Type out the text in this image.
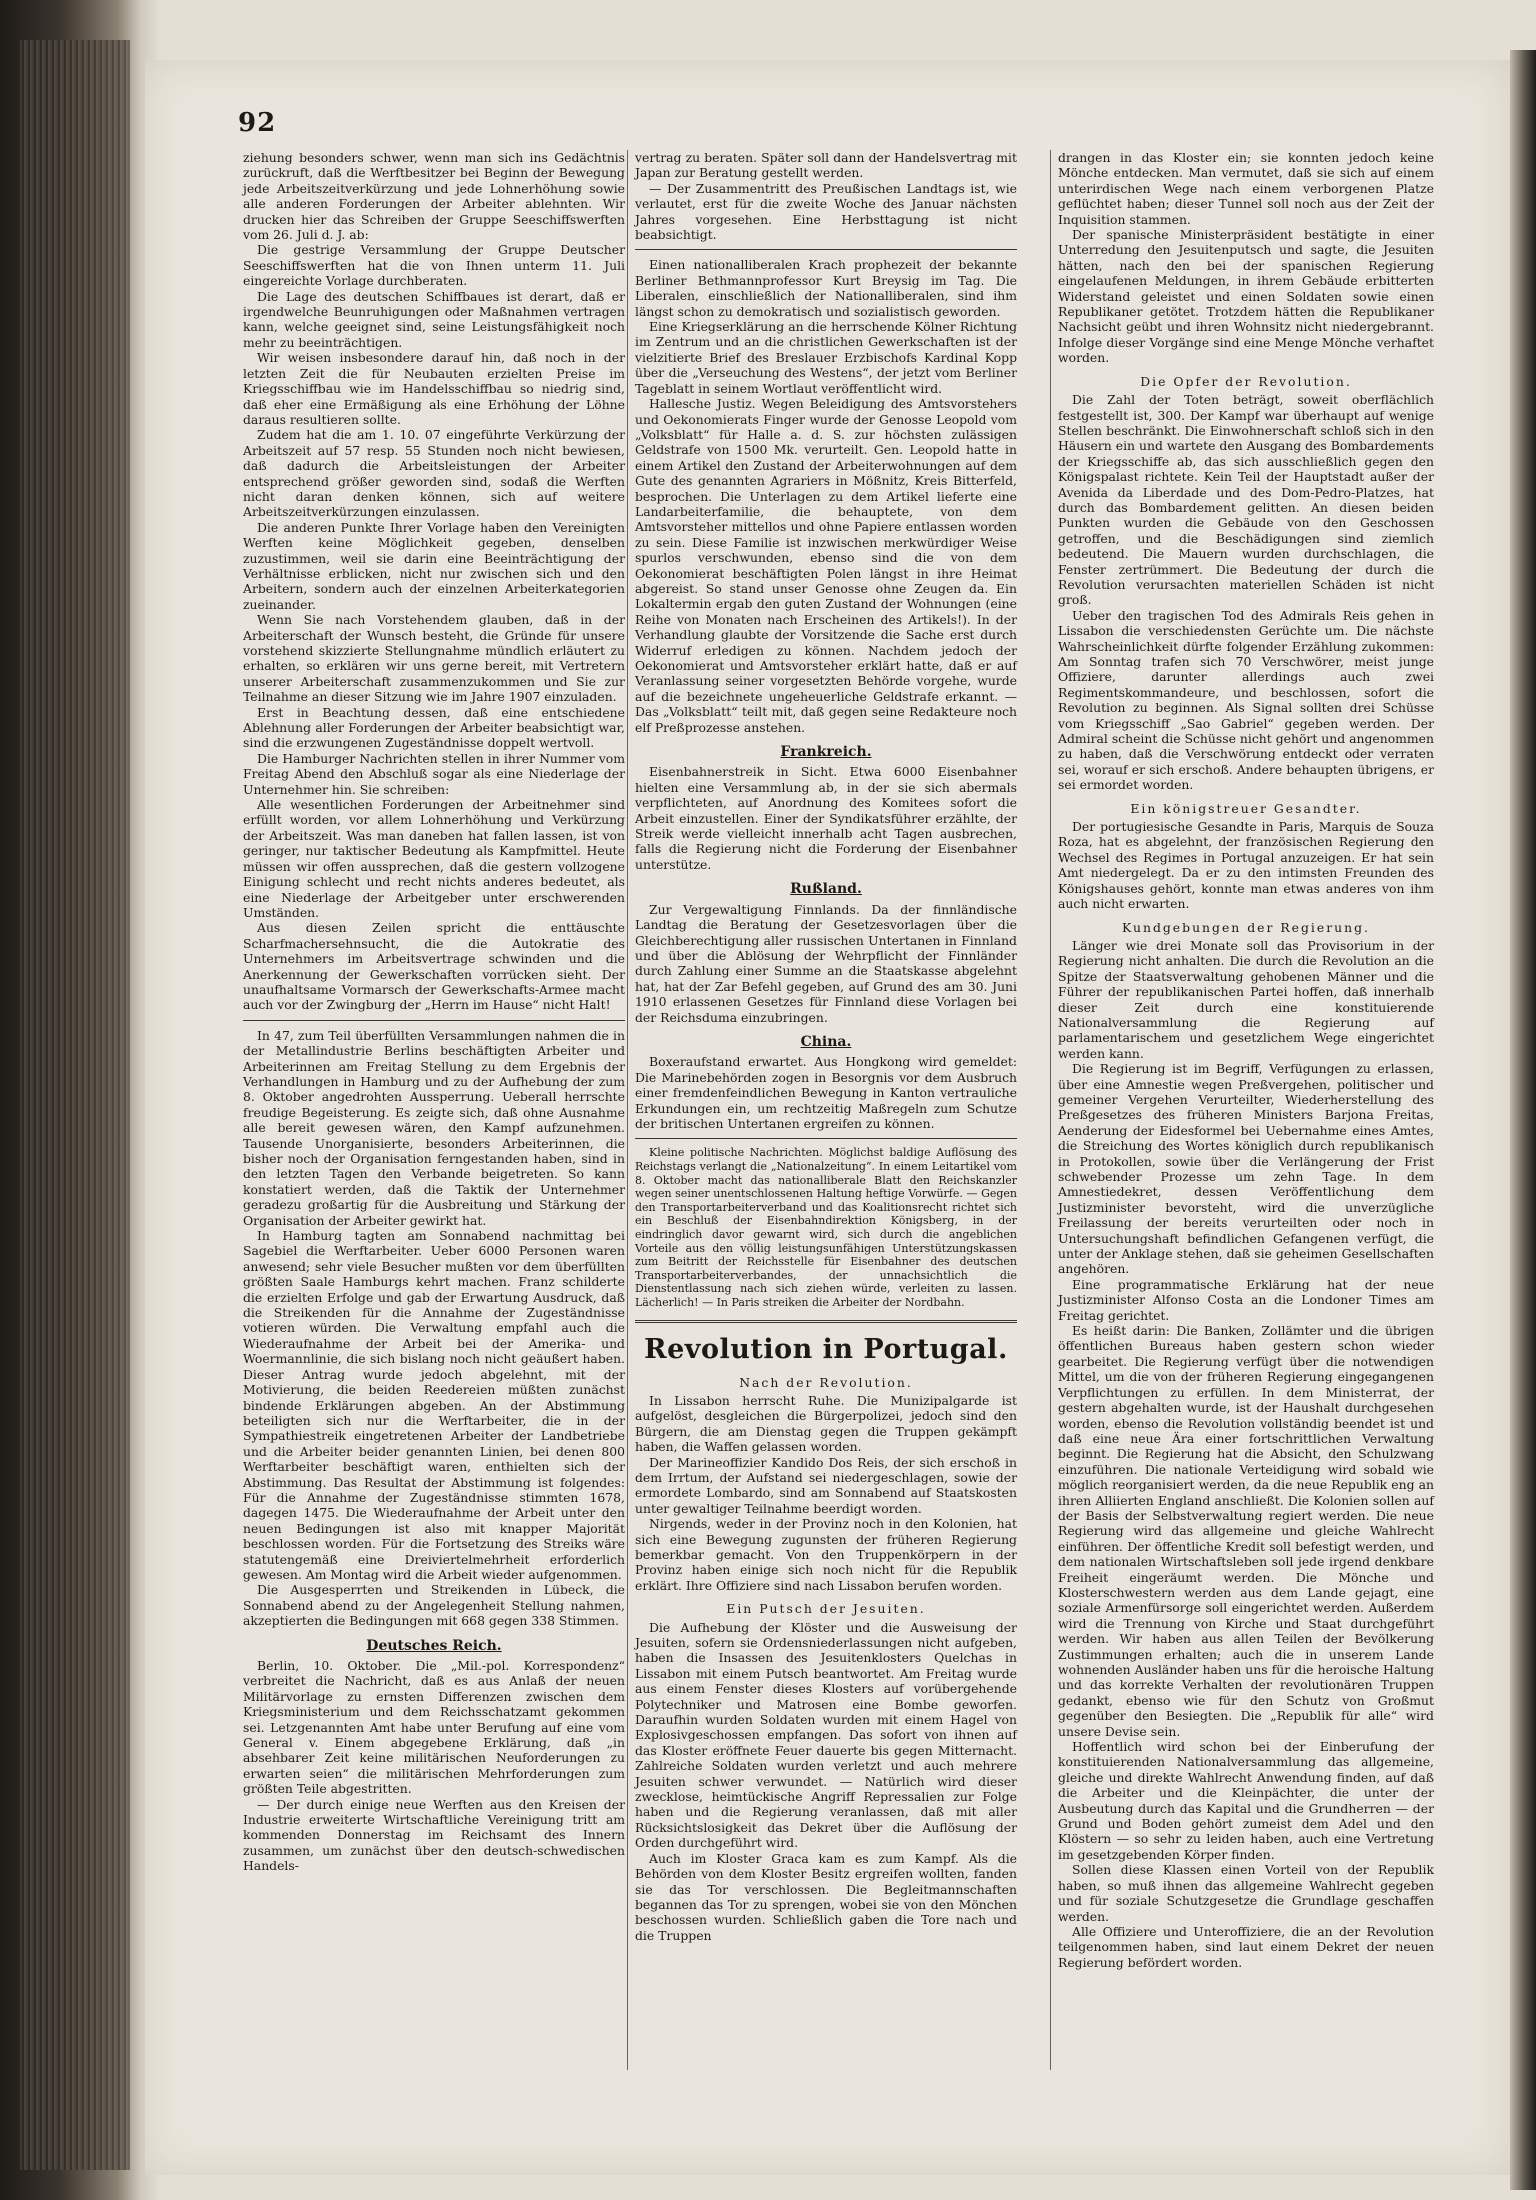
92

ziehung besonders schwer, wenn man sich ins Gedächtnis zurückruft, daß die Werftbesitzer bei Beginn der Bewegung jede Arbeitszeitverkürzung und jede Lohnerhöhung sowie alle anderen Forderungen der Arbeiter ablehnten. Wir drucken hier das Schreiben der Gruppe Seeschiffswerften vom 26. Juli d. J. ab:

Die gestrige Versammlung der Gruppe Deutscher Seeschiffswerften hat die von Ihnen unterm 11. Juli eingereichte Vorlage durchberaten.

Die Lage des deutschen Schiffbaues ist derart, daß er irgendwelche Beunruhigungen oder Maßnahmen vertragen kann, welche geeignet sind, seine Leistungsfähigkeit noch mehr zu beeinträchtigen.

Wir weisen insbesondere darauf hin, daß noch in der letzten Zeit die für Neubauten erzielten Preise im Kriegsschiffbau wie im Handelsschiffbau so niedrig sind, daß eher eine Ermäßigung als eine Erhöhung der Löhne daraus resultieren sollte.

Zudem hat die am 1. 10. 07 eingeführte Verkürzung der Arbeitszeit auf 57 resp. 55 Stunden noch nicht bewiesen, daß dadurch die Arbeitsleistungen der Arbeiter entsprechend größer geworden sind, sodaß die Werften nicht daran denken können, sich auf weitere Arbeitszeitverkürzungen einzulassen.

Die anderen Punkte Ihrer Vorlage haben den Vereinigten Werften keine Möglichkeit gegeben, denselben zuzustimmen, weil sie darin eine Beeinträchtigung der Verhältnisse erblicken, nicht nur zwischen sich und den Arbeitern, sondern auch der einzelnen Arbeiterkategorien zueinander.

Wenn Sie nach Vorstehendem glauben, daß in der Arbeiterschaft der Wunsch besteht, die Gründe für unsere vorstehend skizzierte Stellungnahme mündlich erläutert zu erhalten, so erklären wir uns gerne bereit, mit Vertretern unserer Arbeiterschaft zusammenzukommen und Sie zur Teilnahme an dieser Sitzung wie im Jahre 1907 einzuladen.

Erst in Beachtung dessen, daß eine entschiedene Ablehnung aller Forderungen der Arbeiter beabsichtigt war, sind die erzwungenen Zugeständnisse doppelt wertvoll.

Die Hamburger Nachrichten stellen in ihrer Nummer vom Freitag Abend den Abschluß sogar als eine Niederlage der Unternehmer hin. Sie schreiben:

Alle wesentlichen Forderungen der Arbeitnehmer sind erfüllt worden, vor allem Lohnerhöhung und Verkürzung der Arbeitszeit. Was man daneben hat fallen lassen, ist von geringer, nur taktischer Bedeutung als Kampfmittel. Heute müssen wir offen aussprechen, daß die gestern vollzogene Einigung schlecht und recht nichts anderes bedeutet, als eine Niederlage der Arbeitgeber unter erschwerenden Umständen.

Aus diesen Zeilen spricht die enttäuschte Scharfmachersehnsucht, die die Autokratie des Unternehmers im Arbeitsvertrage schwinden und die Anerkennung der Gewerkschaften vorrücken sieht. Der unaufhaltsame Vormarsch der Gewerkschafts-Armee macht auch vor der Zwingburg der „Herrn im Hause“ nicht Halt!

In 47, zum Teil überfüllten Versammlungen nahmen die in der Metallindustrie Berlins beschäftigten Arbeiter und Arbeiterinnen am Freitag Stellung zu dem Ergebnis der Verhandlungen in Hamburg und zu der Aufhebung der zum 8. Oktober angedrohten Aussperrung. Ueberall herrschte freudige Begeisterung. Es zeigte sich, daß ohne Ausnahme alle bereit gewesen wären, den Kampf aufzunehmen. Tausende Unorganisierte, besonders Arbeiterinnen, die bisher noch der Organisation ferngestanden haben, sind in den letzten Tagen den Verbande beigetreten. So kann konstatiert werden, daß die Taktik der Unternehmer geradezu großartig für die Ausbreitung und Stärkung der Organisation der Arbeiter gewirkt hat.

In Hamburg tagten am Sonnabend nachmittag bei Sagebiel die Werftarbeiter. Ueber 6000 Personen waren anwesend; sehr viele Besucher mußten vor dem überfüllten größten Saale Hamburgs kehrt machen. Franz schilderte die erzielten Erfolge und gab der Erwartung Ausdruck, daß die Streikenden für die Annahme der Zugeständnisse votieren würden. Die Verwaltung empfahl auch die Wiederaufnahme der Arbeit bei der Amerika- und Woermannlinie, die sich bislang noch nicht geäußert haben. Dieser Antrag wurde jedoch abgelehnt, mit der Motivierung, die beiden Reedereien müßten zunächst bindende Erklärungen abgeben. An der Abstimmung beteiligten sich nur die Werftarbeiter, die in der Sympathiestreik eingetretenen Arbeiter der Landbetriebe und die Arbeiter beider genannten Linien, bei denen 800 Werftarbeiter beschäftigt waren, enthielten sich der Abstimmung. Das Resultat der Abstimmung ist folgendes: Für die Annahme der Zugeständnisse stimmten 1678, dagegen 1475. Die Wiederaufnahme der Arbeit unter den neuen Bedingungen ist also mit knapper Majorität beschlossen worden. Für die Fortsetzung des Streiks wäre statutengemäß eine Dreiviertelmehrheit erforderlich gewesen. Am Montag wird die Arbeit wieder aufgenommen.

Die Ausgesperrten und Streikenden in Lübeck, die Sonnabend abend zu der Angelegenheit Stellung nahmen, akzeptierten die Bedingungen mit 668 gegen 338 Stimmen.

Deutsches Reich.

Berlin, 10. Oktober. Die „Mil.-pol. Korrespondenz“ verbreitet die Nachricht, daß es aus Anlaß der neuen Militärvorlage zu ernsten Differenzen zwischen dem Kriegsministerium und dem Reichsschatzamt gekommen sei. Letzgenannten Amt habe unter Berufung auf eine vom General v. Einem abgegebene Erklärung, daß „in absehbarer Zeit keine militärischen Neuforderungen zu erwarten seien“ die militärischen Mehrforderungen zum größten Teile abgestritten.

— Der durch einige neue Werften aus den Kreisen der Industrie erweiterte Wirtschaftliche Vereinigung tritt am kommenden Donnerstag im Reichsamt des Innern zusammen, um zunächst über den deutsch-schwedischen Handels-

vertrag zu beraten. Später soll dann der Handelsvertrag mit Japan zur Beratung gestellt werden.

— Der Zusammentritt des Preußischen Landtags ist, wie verlautet, erst für die zweite Woche des Januar nächsten Jahres vorgesehen. Eine Herbsttagung ist nicht beabsichtigt.

Einen nationalliberalen Krach prophezeit der bekannte Berliner Bethmannprofessor Kurt Breysig im Tag. Die Liberalen, einschließlich der Nationalliberalen, sind ihm längst schon zu demokratisch und sozialistisch geworden.

Eine Kriegserklärung an die herrschende Kölner Richtung im Zentrum und an die christlichen Gewerkschaften ist der vielzitierte Brief des Breslauer Erzbischofs Kardinal Kopp über die „Verseuchung des Westens“, der jetzt vom Berliner Tageblatt in seinem Wortlaut veröffentlicht wird.

Hallesche Justiz. Wegen Beleidigung des Amtsvorstehers und Oekonomierats Finger wurde der Genosse Leopold vom „Volksblatt“ für Halle a. d. S. zur höchsten zulässigen Geldstrafe von 1500 Mk. verurteilt. Gen. Leopold hatte in einem Artikel den Zustand der Arbeiterwohnungen auf dem Gute des genannten Agrariers in Mößnitz, Kreis Bitterfeld, besprochen. Die Unterlagen zu dem Artikel lieferte eine Landarbeiterfamilie, die behauptete, von dem Amtsvorsteher mittellos und ohne Papiere entlassen worden zu sein. Diese Familie ist inzwischen merkwürdiger Weise spurlos verschwunden, ebenso sind die von dem Oekonomierat beschäftigten Polen längst in ihre Heimat abgereist. So stand unser Genosse ohne Zeugen da. Ein Lokaltermin ergab den guten Zustand der Wohnungen (eine Reihe von Monaten nach Erscheinen des Artikels!). In der Verhandlung glaubte der Vorsitzende die Sache erst durch Widerruf erledigen zu können. Nachdem jedoch der Oekonomierat und Amtsvorsteher erklärt hatte, daß er auf Veranlassung seiner vorgesetzten Behörde vorgehe, wurde auf die bezeichnete ungeheuerliche Geldstrafe erkannt. — Das „Volksblatt“ teilt mit, daß gegen seine Redakteure noch elf Preßprozesse anstehen.

Frankreich.

Eisenbahnerstreik in Sicht. Etwa 6000 Eisenbahner hielten eine Versammlung ab, in der sie sich abermals verpflichteten, auf Anordnung des Komitees sofort die Arbeit einzustellen. Einer der Syndikatsführer erzählte, der Streik werde vielleicht innerhalb acht Tagen ausbrechen, falls die Regierung nicht die Forderung der Eisenbahner unterstütze.

Rußland.

Zur Vergewaltigung Finnlands. Da der finnländische Landtag die Beratung der Gesetzesvorlagen über die Gleichberechtigung aller russischen Untertanen in Finnland und über die Ablösung der Wehrpflicht der Finnländer durch Zahlung einer Summe an die Staatskasse abgelehnt hat, hat der Zar Befehl gegeben, auf Grund des am 30. Juni 1910 erlassenen Gesetzes für Finnland diese Vorlagen bei der Reichsduma einzubringen.

China.

Boxeraufstand erwartet. Aus Hongkong wird gemeldet: Die Marinebehörden zogen in Besorgnis vor dem Ausbruch einer fremdenfeindlichen Bewegung in Kanton vertrauliche Erkundungen ein, um rechtzeitig Maßregeln zum Schutze der britischen Untertanen ergreifen zu können.

Kleine politische Nachrichten. Möglichst baldige Auflösung des Reichstags verlangt die „Nationalzeitung“. In einem Leitartikel vom 8. Oktober macht das nationalliberale Blatt den Reichskanzler wegen seiner unentschlossenen Haltung heftige Vorwürfe. — Gegen den Transportarbeiterverband und das Koalitionsrecht richtet sich ein Beschluß der Eisenbahndirektion Königsberg, in der eindringlich davor gewarnt wird, sich durch die angeblichen Vorteile aus den völlig leistungsunfähigen Unterstützungskassen zum Beitritt der Reichsstelle für Eisenbahner des deutschen Transportarbeiterverbandes, der unnachsichtlich die Dienstentlassung nach sich ziehen würde, verleiten zu lassen. Lächerlich! — In Paris streiken die Arbeiter der Nordbahn.

Revolution in Portugal.
Nach der Revolution.

In Lissabon herrscht Ruhe. Die Munizipalgarde ist aufgelöst, desgleichen die Bürgerpolizei, jedoch sind den Bürgern, die am Dienstag gegen die Truppen gekämpft haben, die Waffen gelassen worden.

Der Marineoffizier Kandido Dos Reis, der sich erschoß in dem Irrtum, der Aufstand sei niedergeschlagen, sowie der ermordete Lombardo, sind am Sonnabend auf Staatskosten unter gewaltiger Teilnahme beerdigt worden.

Nirgends, weder in der Provinz noch in den Kolonien, hat sich eine Bewegung zugunsten der früheren Regierung bemerkbar gemacht. Von den Truppenkörpern in der Provinz haben einige sich noch nicht für die Republik erklärt. Ihre Offiziere sind nach Lissabon berufen worden.

Ein Putsch der Jesuiten.

Die Aufhebung der Klöster und die Ausweisung der Jesuiten, sofern sie Ordensniederlassungen nicht aufgeben, haben die Insassen des Jesuitenklosters Quelchas in Lissabon mit einem Putsch beantwortet. Am Freitag wurde aus einem Fenster dieses Klosters auf vorübergehende Polytechniker und Matrosen eine Bombe geworfen. Daraufhin wurden Soldaten wurden mit einem Hagel von Explosivgeschossen empfangen. Das sofort von ihnen auf das Kloster eröffnete Feuer dauerte bis gegen Mitternacht. Zahlreiche Soldaten wurden verletzt und auch mehrere Jesuiten schwer verwundet. — Natürlich wird dieser zwecklose, heimtückische Angriff Repressalien zur Folge haben und die Regierung veranlassen, daß mit aller Rücksichtslosigkeit das Dekret über die Auflösung der Orden durchgeführt wird.

Auch im Kloster Graca kam es zum Kampf. Als die Behörden von dem Kloster Besitz ergreifen wollten, fanden sie das Tor verschlossen. Die Begleitmannschaften begannen das Tor zu sprengen, wobei sie von den Mönchen beschossen wurden. Schließlich gaben die Tore nach und die Truppen

drangen in das Kloster ein; sie konnten jedoch keine Mönche entdecken. Man vermutet, daß sie sich auf einem unterirdischen Wege nach einem verborgenen Platze geflüchtet haben; dieser Tunnel soll noch aus der Zeit der Inquisition stammen.

Der spanische Ministerpräsident bestätigte in einer Unterredung den Jesuitenputsch und sagte, die Jesuiten hätten, nach den bei der spanischen Regierung eingelaufenen Meldungen, in ihrem Gebäude erbitterten Widerstand geleistet und einen Soldaten sowie einen Republikaner getötet. Trotzdem hätten die Republikaner Nachsicht geübt und ihren Wohnsitz nicht niedergebrannt. Infolge dieser Vorgänge sind eine Menge Mönche verhaftet worden.

Die Opfer der Revolution.

Die Zahl der Toten beträgt, soweit oberflächlich festgestellt ist, 300. Der Kampf war überhaupt auf wenige Stellen beschränkt. Die Einwohnerschaft schloß sich in den Häusern ein und wartete den Ausgang des Bombardements der Kriegsschiffe ab, das sich ausschließlich gegen den Königspalast richtete. Kein Teil der Hauptstadt außer der Avenida da Liberdade und des Dom-Pedro-Platzes, hat durch das Bombardement gelitten. An diesen beiden Punkten wurden die Gebäude von den Geschossen getroffen, und die Beschädigungen sind ziemlich bedeutend. Die Mauern wurden durchschlagen, die Fenster zertrümmert. Die Bedeutung der durch die Revolution verursachten materiellen Schäden ist nicht groß.

Ueber den tragischen Tod des Admirals Reis gehen in Lissabon die verschiedensten Gerüchte um. Die nächste Wahrscheinlichkeit dürfte folgender Erzählung zukommen: Am Sonntag trafen sich 70 Verschwörer, meist junge Offiziere, darunter allerdings auch zwei Regimentskommandeure, und beschlossen, sofort die Revolution zu beginnen. Als Signal sollten drei Schüsse vom Kriegsschiff „Sao Gabriel“ gegeben werden. Der Admiral scheint die Schüsse nicht gehört und angenommen zu haben, daß die Verschwörung entdeckt oder verraten sei, worauf er sich erschoß. Andere behaupten übrigens, er sei ermordet worden.

Ein königstreuer Gesandter.

Der portugiesische Gesandte in Paris, Marquis de Souza Roza, hat es abgelehnt, der französischen Regierung den Wechsel des Regimes in Portugal anzuzeigen. Er hat sein Amt niedergelegt. Da er zu den intimsten Freunden des Königshauses gehört, konnte man etwas anderes von ihm auch nicht erwarten.

Kundgebungen der Regierung.

Länger wie drei Monate soll das Provisorium in der Regierung nicht anhalten. Die durch die Revolution an die Spitze der Staatsverwaltung gehobenen Männer und die Führer der republikanischen Partei hoffen, daß innerhalb dieser Zeit durch eine konstituierende Nationalversammlung die Regierung auf parlamentarischem und gesetzlichem Wege eingerichtet werden kann.

Die Regierung ist im Begriff, Verfügungen zu erlassen, über eine Amnestie wegen Preßvergehen, politischer und gemeiner Vergehen Verurteilter, Wiederherstellung des Preßgesetzes des früheren Ministers Barjona Freitas, Aenderung der Eidesformel bei Uebernahme eines Amtes, die Streichung des Wortes königlich durch republikanisch in Protokollen, sowie über die Verlängerung der Frist schwebender Prozesse um zehn Tage. In dem Amnestiedekret, dessen Veröffentlichung dem Justizminister bevorsteht, wird die unverzügliche Freilassung der bereits verurteilten oder noch in Untersuchungshaft befindlichen Gefangenen verfügt, die unter der Anklage stehen, daß sie geheimen Gesellschaften angehören.

Eine programmatische Erklärung hat der neue Justizminister Alfonso Costa an die Londoner Times am Freitag gerichtet.

Es heißt darin: Die Banken, Zollämter und die übrigen öffentlichen Bureaus haben gestern schon wieder gearbeitet. Die Regierung verfügt über die notwendigen Mittel, um die von der früheren Regierung eingegangenen Verpflichtungen zu erfüllen. In dem Ministerrat, der gestern abgehalten wurde, ist der Haushalt durchgesehen worden, ebenso die Revolution vollständig beendet ist und daß eine neue Ära einer fortschrittlichen Verwaltung beginnt. Die Regierung hat die Absicht, den Schulzwang einzuführen. Die nationale Verteidigung wird sobald wie möglich reorganisiert werden, da die neue Republik eng an ihren Alliierten England anschließt. Die Kolonien sollen auf der Basis der Selbstverwaltung regiert werden. Die neue Regierung wird das allgemeine und gleiche Wahlrecht einführen. Der öffentliche Kredit soll befestigt werden, und dem nationalen Wirtschaftsleben soll jede irgend denkbare Freiheit eingeräumt werden. Die Mönche und Klosterschwestern werden aus dem Lande gejagt, eine soziale Armenfürsorge soll eingerichtet werden. Außerdem wird die Trennung von Kirche und Staat durchgeführt werden. Wir haben aus allen Teilen der Bevölkerung Zustimmungen erhalten; auch die in unserem Lande wohnenden Ausländer haben uns für die heroische Haltung und das korrekte Verhalten der revolutionären Truppen gedankt, ebenso wie für den Schutz von Großmut gegenüber den Besiegten. Die „Republik für alle“ wird unsere Devise sein.

Hoffentlich wird schon bei der Einberufung der konstituierenden Nationalversammlung das allgemeine, gleiche und direkte Wahlrecht Anwendung finden, auf daß die Arbeiter und die Kleinpächter, die unter der Ausbeutung durch das Kapital und die Grundherren — der Grund und Boden gehört zumeist dem Adel und den Klöstern — so sehr zu leiden haben, auch eine Vertretung im gesetzgebenden Körper finden.

Sollen diese Klassen einen Vorteil von der Republik haben, so muß ihnen das allgemeine Wahlrecht gegeben und für soziale Schutzgesetze die Grundlage geschaffen werden.

Alle Offiziere und Unteroffiziere, die an der Revolution teilgenommen haben, sind laut einem Dekret der neuen Regierung befördert worden.
